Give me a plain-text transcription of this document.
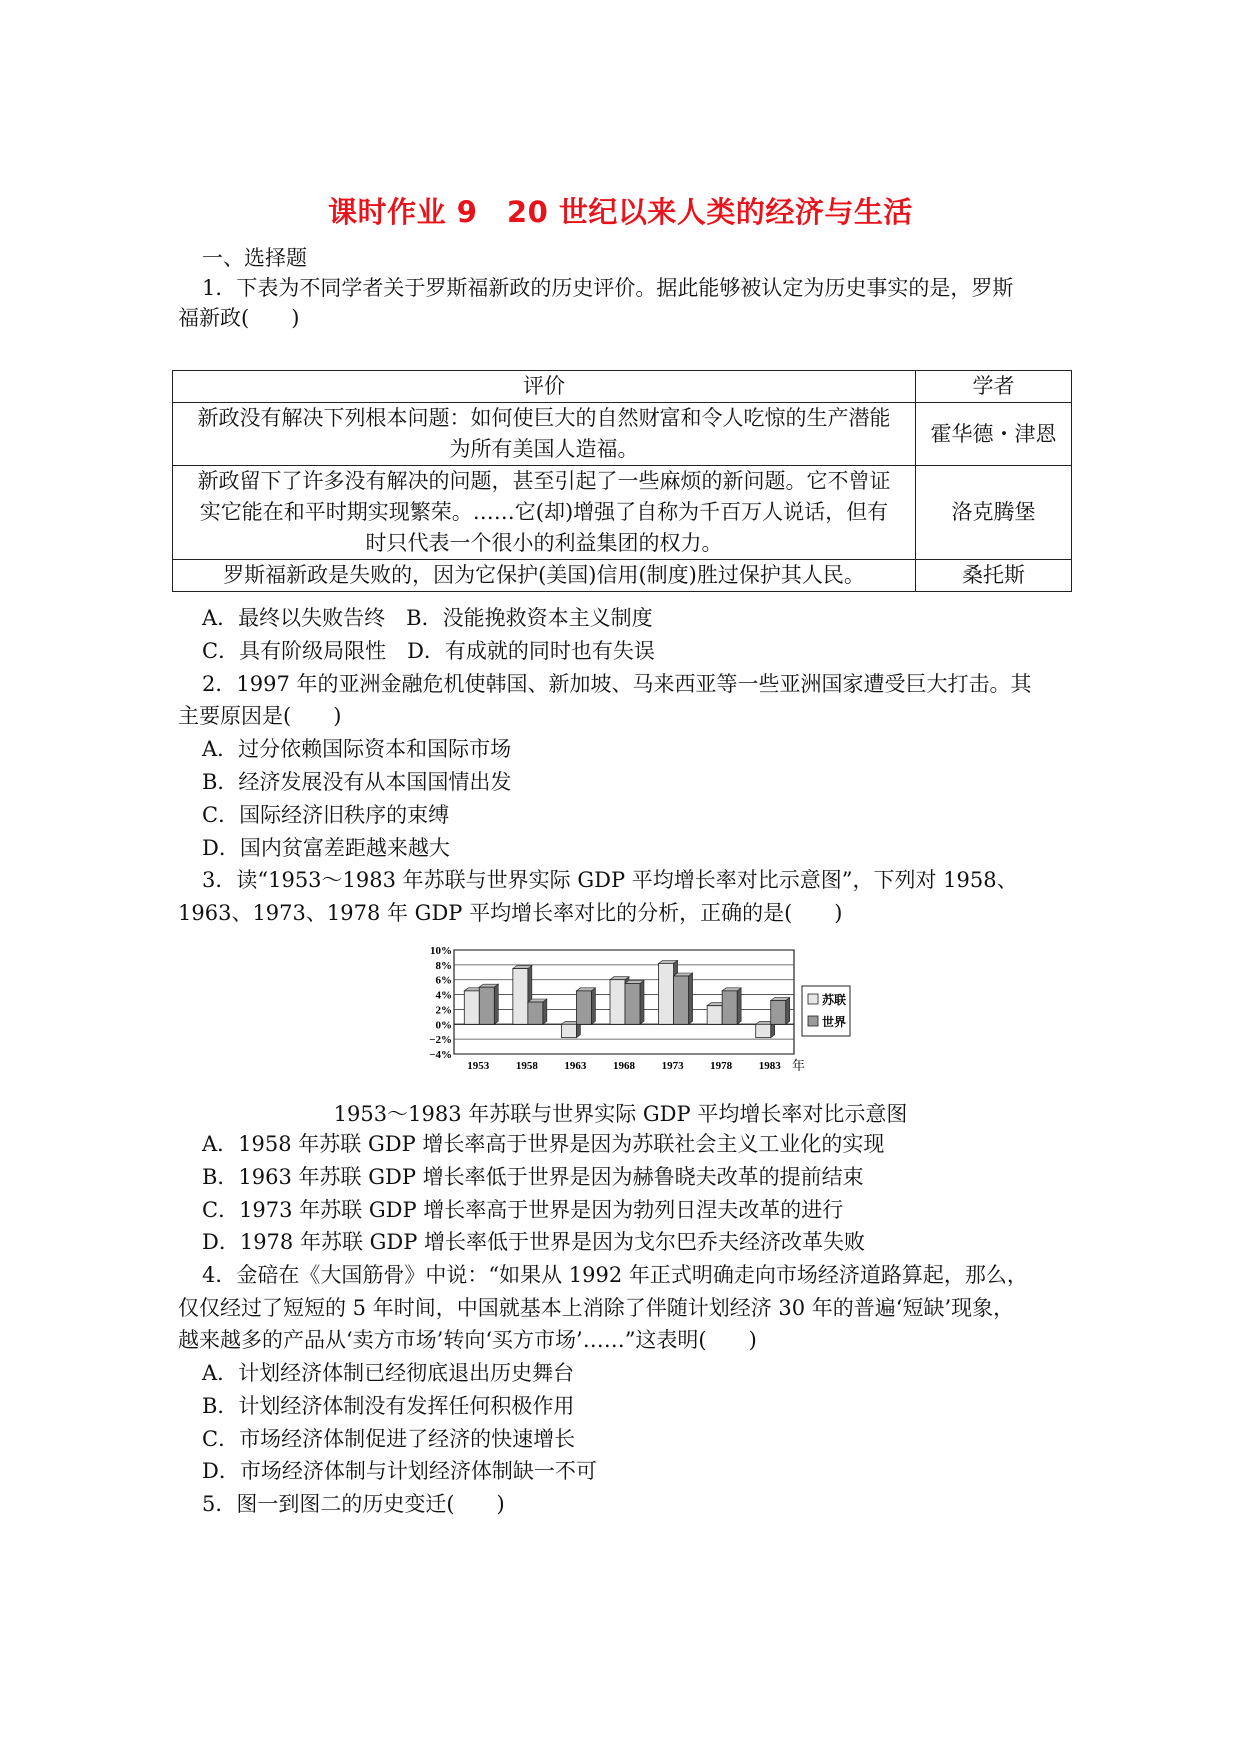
课时作业 9　20 世纪以来人类的经济与生活
一、选择题
1．下表为不同学者关于罗斯福新政的历史评价。据此能够被认定为历史事实的是，罗斯
福新政(　　)
评价	学者

新政没有解决下列根本问题：如何使巨大的自然财富和令人吃惊的生产潜能
为所有美国人造福。	霍华德・津恩

新政留下了许多没有解决的问题，甚至引起了一些麻烦的新问题。它不曾证
实它能在和平时期实现繁荣。……它(却)增强了自称为千百万人说话，但有
时只代表一个很小的利益集团的权力。	洛克腾堡

罗斯福新政是失败的，因为它保护(美国)信用(制度)胜过保护其人民。	桑托斯
A．最终以失败告终　B．没能挽救资本主义制度
C．具有阶级局限性　D．有成就的同时也有失误
2．1997 年的亚洲金融危机使韩国、新加坡、马来西亚等一些亚洲国家遭受巨大打击。其
主要原因是(　　)
A．过分依赖国际资本和国际市场
B．经济发展没有从本国国情出发
C．国际经济旧秩序的束缚
D．国内贫富差距越来越大
3．读“1953～1983 年苏联与世界实际 GDP 平均增长率对比示意图”，下列对 1958、
1963、1973、1978 年 GDP 平均增长率对比的分析，正确的是(　　)
10%
8%
6%
4%
2%
0%
−2%
−4%
1953 1958 1963 1968 1973 1978 1983 年
苏联
世界
1953～1983 年苏联与世界实际 GDP 平均增长率对比示意图
A．1958 年苏联 GDP 增长率高于世界是因为苏联社会主义工业化的实现
B．1963 年苏联 GDP 增长率低于世界是因为赫鲁晓夫改革的提前结束
C．1973 年苏联 GDP 增长率高于世界是因为勃列日涅夫改革的进行
D．1978 年苏联 GDP 增长率低于世界是因为戈尔巴乔夫经济改革失败
4．金碚在《大国筋骨》中说：“如果从 1992 年正式明确走向市场经济道路算起，那么，
仅仅经过了短短的 5 年时间，中国就基本上消除了伴随计划经济 30 年的普遍‘短缺’现象，
越来越多的产品从‘卖方市场’转向‘买方市场’……”这表明(　　)
A．计划经济体制已经彻底退出历史舞台
B．计划经济体制没有发挥任何积极作用
C．市场经济体制促进了经济的快速增长
D．市场经济体制与计划经济体制缺一不可
5．图一到图二的历史变迁(　　)
